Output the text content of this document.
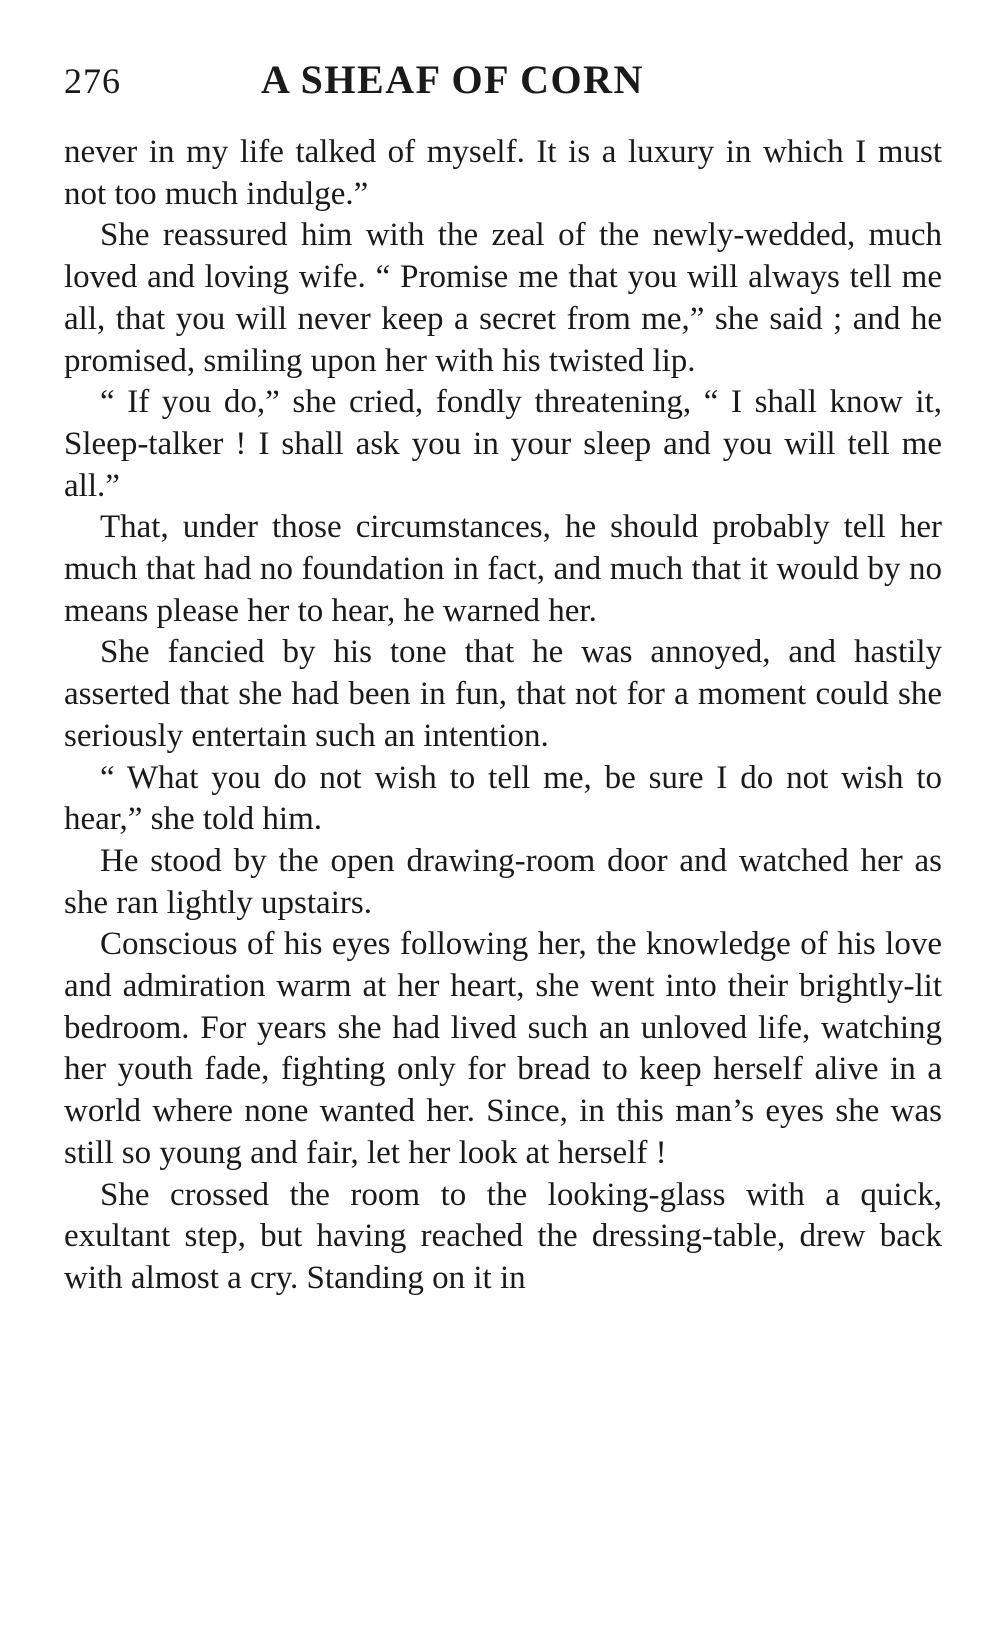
276	A SHEAF OF CORN

never in my life talked of myself. It is a luxury in which I must not too much indulge.”

She reassured him with the zeal of the newly-wedded, much loved and loving wife. “ Promise me that you will always tell me all, that you will never keep a secret from me,” she said ; and he promised, smiling upon her with his twisted lip.

“ If you do,” she cried, fondly threatening, “ I shall know it, Sleep-talker ! I shall ask you in your sleep and you will tell me all.”

That, under those circumstances, he should probably tell her much that had no foundation in fact, and much that it would by no means please her to hear, he warned her.

She fancied by his tone that he was annoyed, and hastily asserted that she had been in fun, that not for a moment could she seriously entertain such an intention.

“ What you do not wish to tell me, be sure I do not wish to hear,” she told him.

He stood by the open drawing-room door and watched her as she ran lightly upstairs.

Conscious of his eyes following her, the knowledge of his love and admiration warm at her heart, she went into their brightly-lit bedroom. For years she had lived such an unloved life, watching her youth fade, fighting only for bread to keep herself alive in a world where none wanted her. Since, in this man’s eyes she was still so young and fair, let her look at herself !

She crossed the room to the looking-glass with a quick, exultant step, but having reached the dressing-table, drew back with almost a cry. Standing on it in
